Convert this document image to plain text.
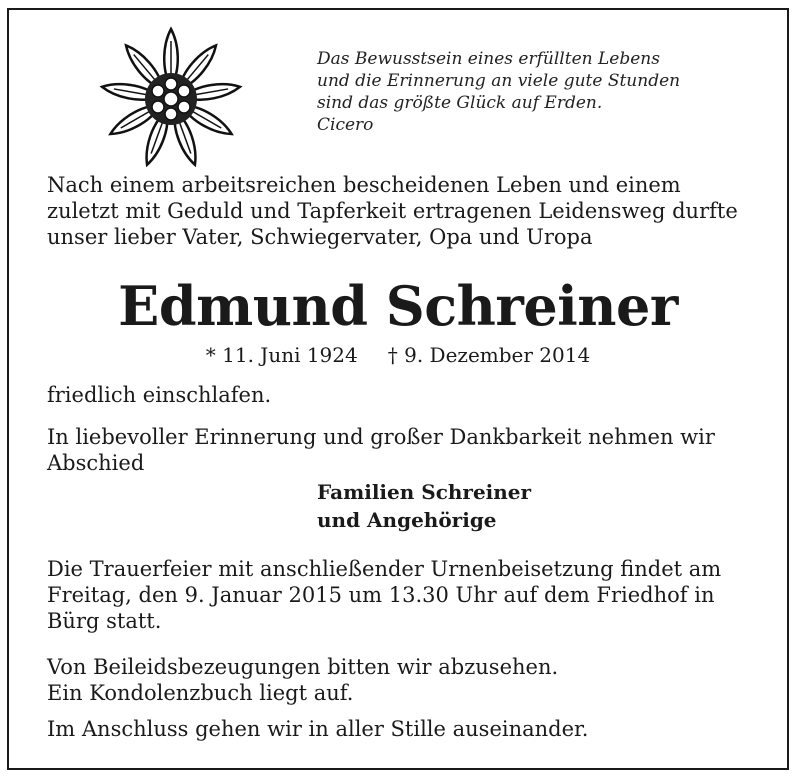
Das Bewusstsein eines erfüllten Lebens
und die Erinnerung an viele gute Stunden
sind das größte Glück auf Erden.
Cicero
Nach einem arbeitsreichen bescheidenen Leben und einem
zuletzt mit Geduld und Tapferkeit ertragenen Leidensweg durfte
unser lieber Vater, Schwiegervater, Opa und Uropa
Edmund Schreiner
* 11. Juni 1924 † 9. Dezember 2014
friedlich einschlafen.
In liebevoller Erinnerung und großer Dankbarkeit nehmen wir
Abschied
Familien Schreiner
und Angehörige
Die Trauerfeier mit anschließender Urnenbeisetzung findet am
Freitag, den 9. Januar 2015 um 13.30 Uhr auf dem Friedhof in
Bürg statt.
Von Beileidsbezeugungen bitten wir abzusehen.
Ein Kondolenzbuch liegt auf.
Im Anschluss gehen wir in aller Stille auseinander.
